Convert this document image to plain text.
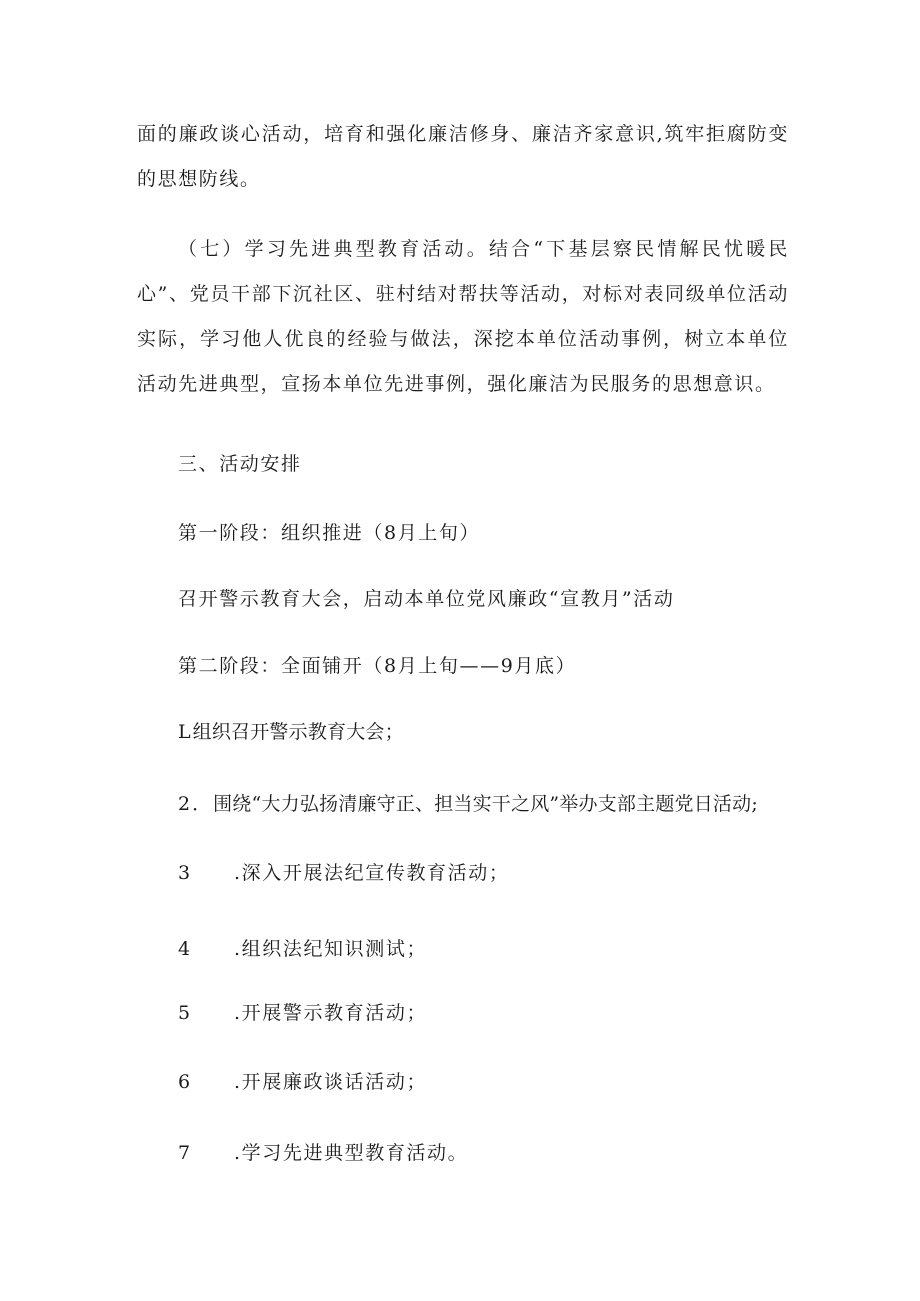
面的廉政谈心活动，培育和强化廉洁修身、廉洁齐家意识,筑牢拒腐防变的思想防线。

（七）学习先进典型教育活动。结合“下基层察民情解民忧暖民心”、党员干部下沉社区、驻村结对帮扶等活动，对标对表同级单位活动实际，学习他人优良的经验与做法，深挖本单位活动事例，树立本单位活动先进典型，宣扬本单位先进事例，强化廉洁为民服务的思想意识。

三、活动安排

第一阶段：组织推进（8月上旬）

召开警示教育大会，启动本单位党风廉政“宣教月”活动

第二阶段：全面铺开（8月上旬——9月底）

L组织召开警示教育大会；

2．围绕“大力弘扬清廉守正、担当实干之风”举办支部主题党日活动;

3 .深入开展法纪宣传教育活动；

4 .组织法纪知识测试；

5 .开展警示教育活动；

6 .开展廉政谈话活动；

7 .学习先进典型教育活动。
